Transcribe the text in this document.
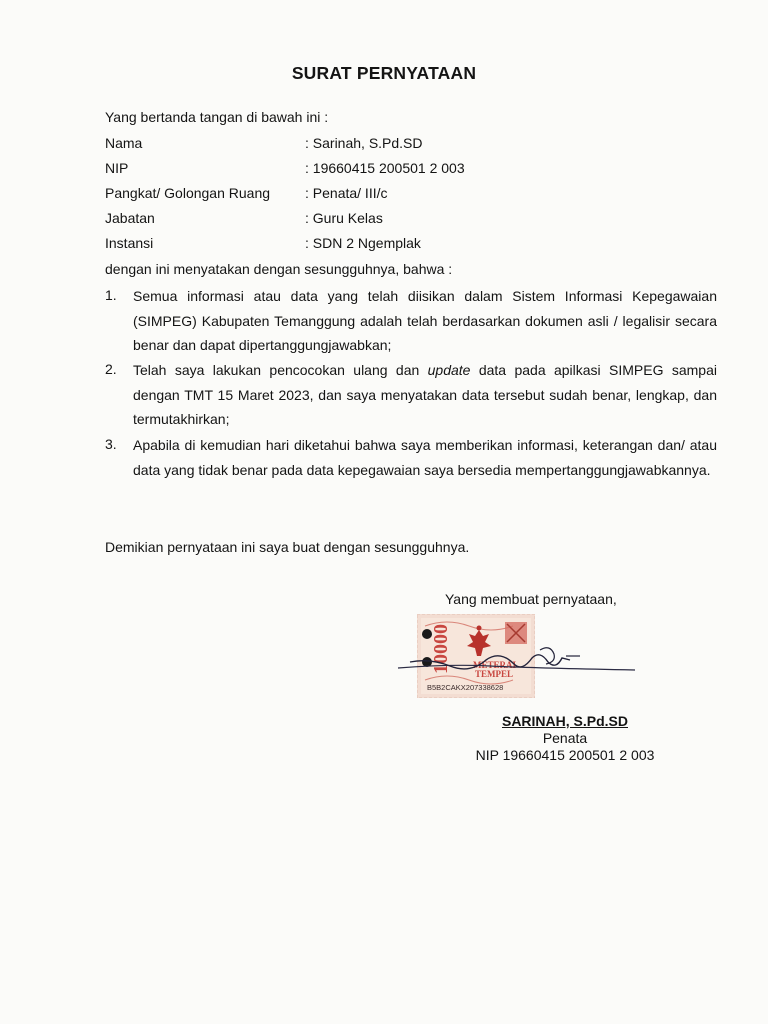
SURAT PERNYATAAN
Yang bertanda tangan di bawah ini :
Nama	: Sarinah, S.Pd.SD
NIP	: 19660415 200501 2 003
Pangkat/ Golongan Ruang : Penata/ III/c
Jabatan	: Guru Kelas
Instansi	: SDN 2 Ngemplak
dengan ini menyatakan dengan sesungguhnya, bahwa :
1. Semua informasi atau data yang telah diisikan dalam Sistem Informasi Kepegawaian (SIMPEG) Kabupaten Temanggung adalah telah berdasarkan dokumen asli / legalisir secara benar dan dapat dipertanggungjawabkan;
2. Telah saya lakukan pencocokan ulang dan update data pada apilkasi SIMPEG sampai dengan TMT 15 Maret 2023, dan saya menyatakan data tersebut sudah benar, lengkap, dan termutakhirkan;
3. Apabila di kemudian hari diketahui bahwa saya memberikan informasi, keterangan dan/ atau data yang tidak benar pada data kepegawaian saya bersedia mempertanggungjawabkannya.
Demikian pernyataan ini saya buat dengan sesungguhnya.
Yang membuat pernyataan,
10000 METERAI
TEMPEL
B5B2CAKX207338628
SARINAH, S.Pd.SD
Penata
NIP 19660415 200501 2 003
